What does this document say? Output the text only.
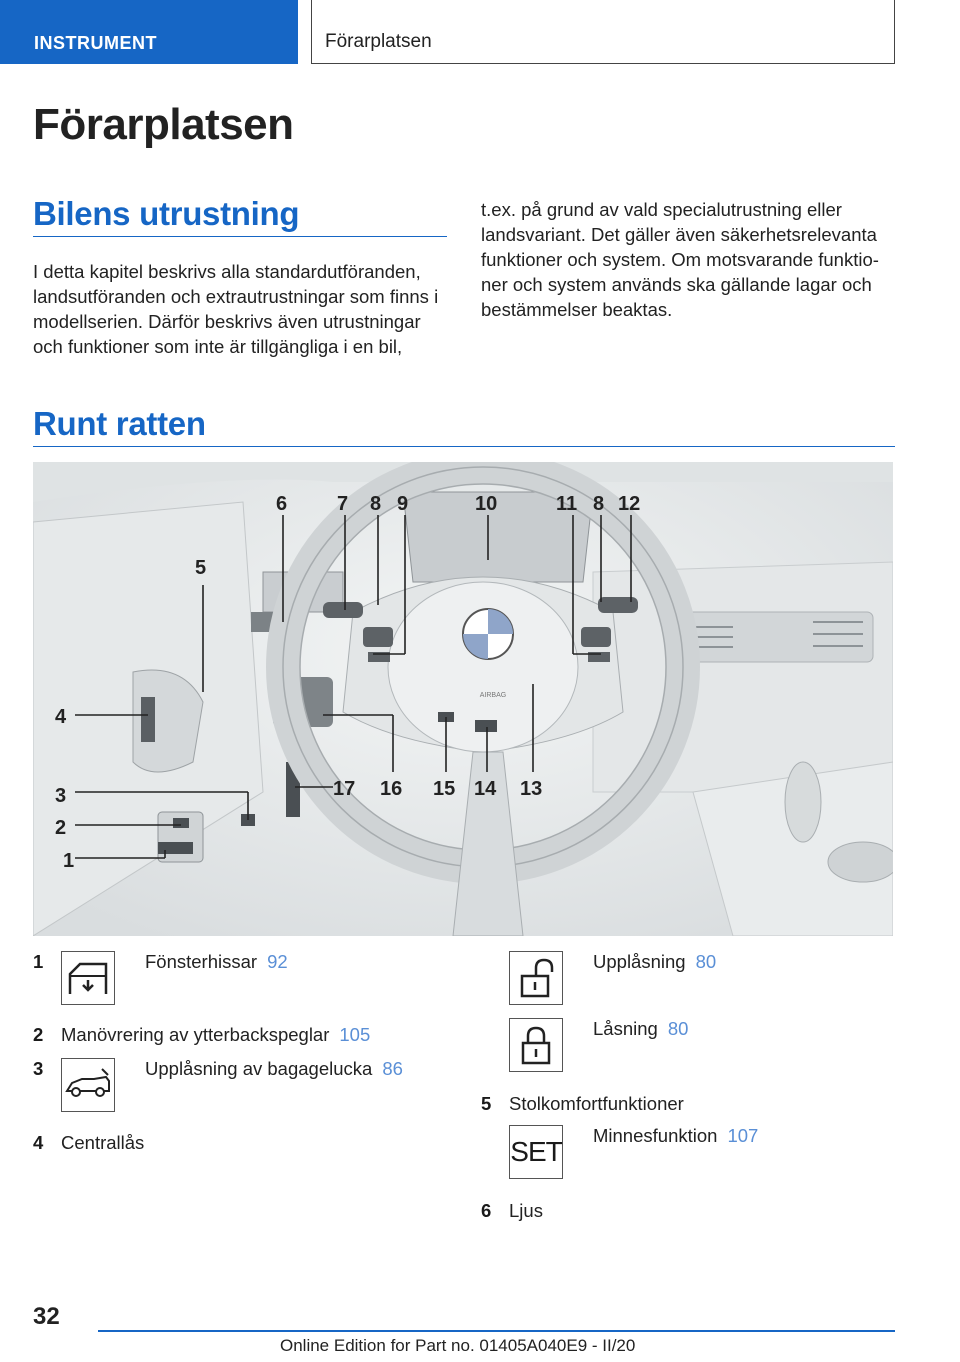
INSTRUMENT	Förarplatsen
Förarplatsen
Bilens utrustning
I detta kapitel beskrivs alla standardutföranden, landsutföranden och extrautrustningar som finns i modellserien. Därför beskrivs även utrustningar och funktioner som inte är tillgängliga i en bil,
t.ex. på grund av vald specialutrustning eller landsvariant. Det gäller även säkerhetsrelevanta funktioner och system. Om motsvarande funktioner och system används ska gällande lagar och bestämmelser beaktas.
Runt ratten
AIRBAG
1
2
3
4
5
6 7 8 9	10	11 8 12
13
14
15
16
17
1	Fönsterhissar 92
2 Manövrering av ytterbackspeglar 105
3	Upplåsning av bagagelucka 86
4 Centrallås
Upplåsning 80
Låsning 80
5 Stolkomfortfunktioner
SET
Minnesfunktion 107
6 Ljus
32
Online Edition for Part no. 01405A040E9 - II/20
